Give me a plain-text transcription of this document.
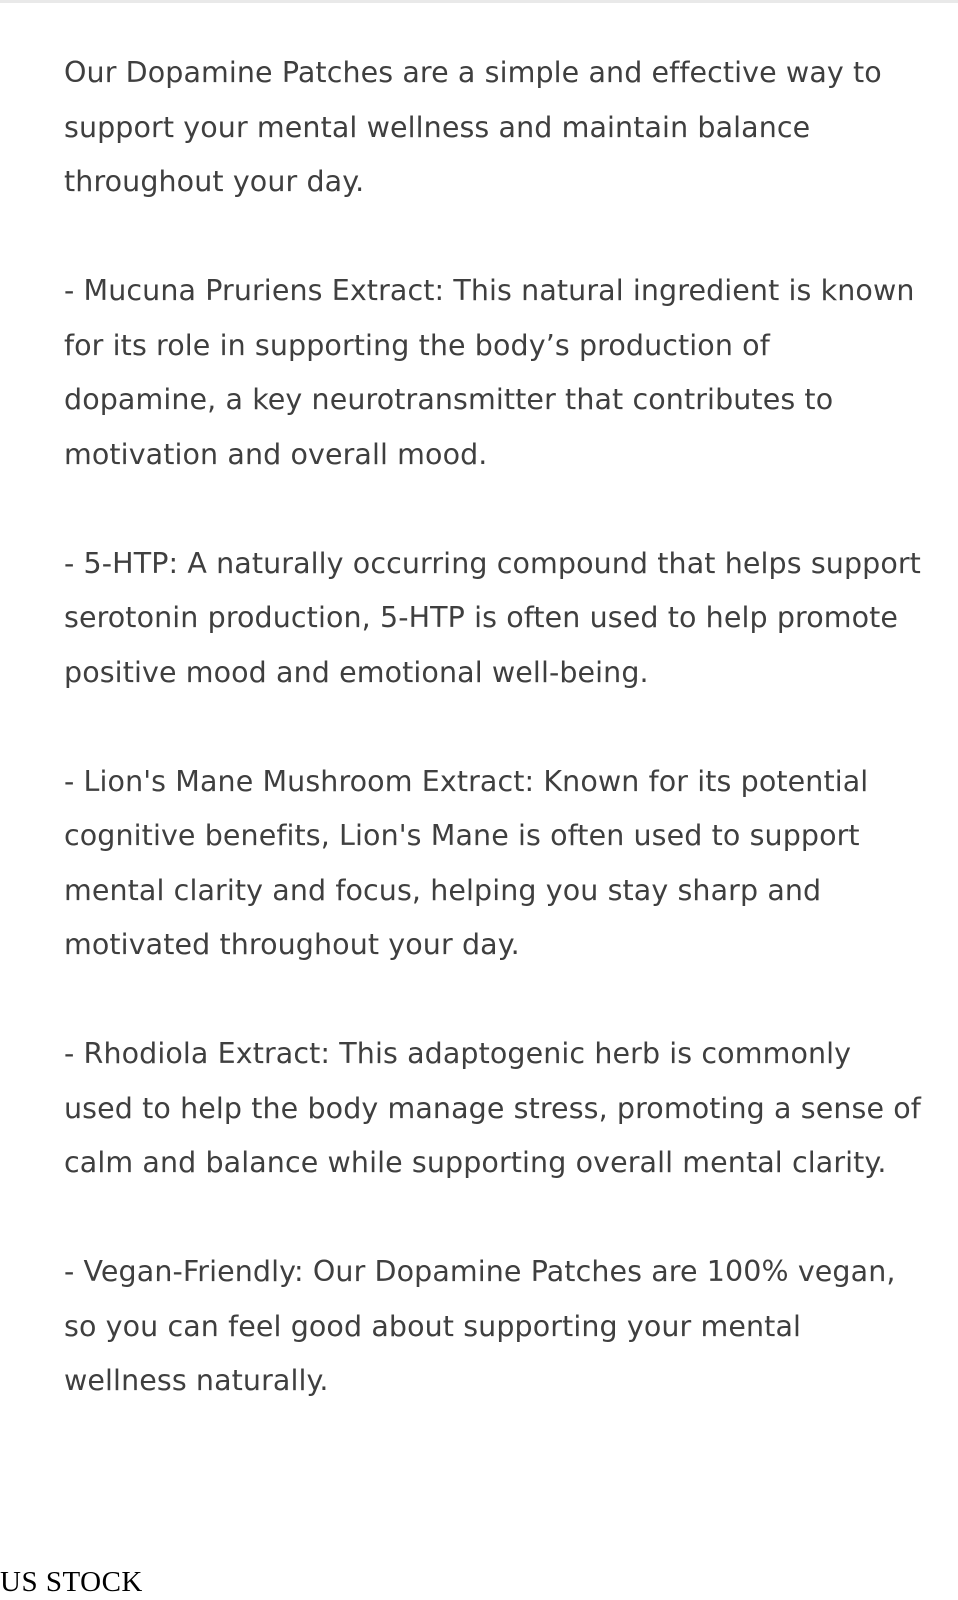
Our Dopamine Patches are a simple and effective way to support your mental wellness and maintain balance throughout your day.

- Mucuna Pruriens Extract: This natural ingredient is known for its role in supporting the body’s production of dopamine, a key neurotransmitter that contributes to motivation and overall mood.

- 5-HTP: A naturally occurring compound that helps support serotonin production, 5-HTP is often used to help promote positive mood and emotional well-being.

- Lion's Mane Mushroom Extract: Known for its potential cognitive benefits, Lion's Mane is often used to support mental clarity and focus, helping you stay sharp and motivated throughout your day.

- Rhodiola Extract: This adaptogenic herb is commonly used to help the body manage stress, promoting a sense of calm and balance while supporting overall mental clarity.

- Vegan-Friendly: Our Dopamine Patches are 100% vegan, so you can feel good about supporting your mental wellness naturally.

US STOCK
